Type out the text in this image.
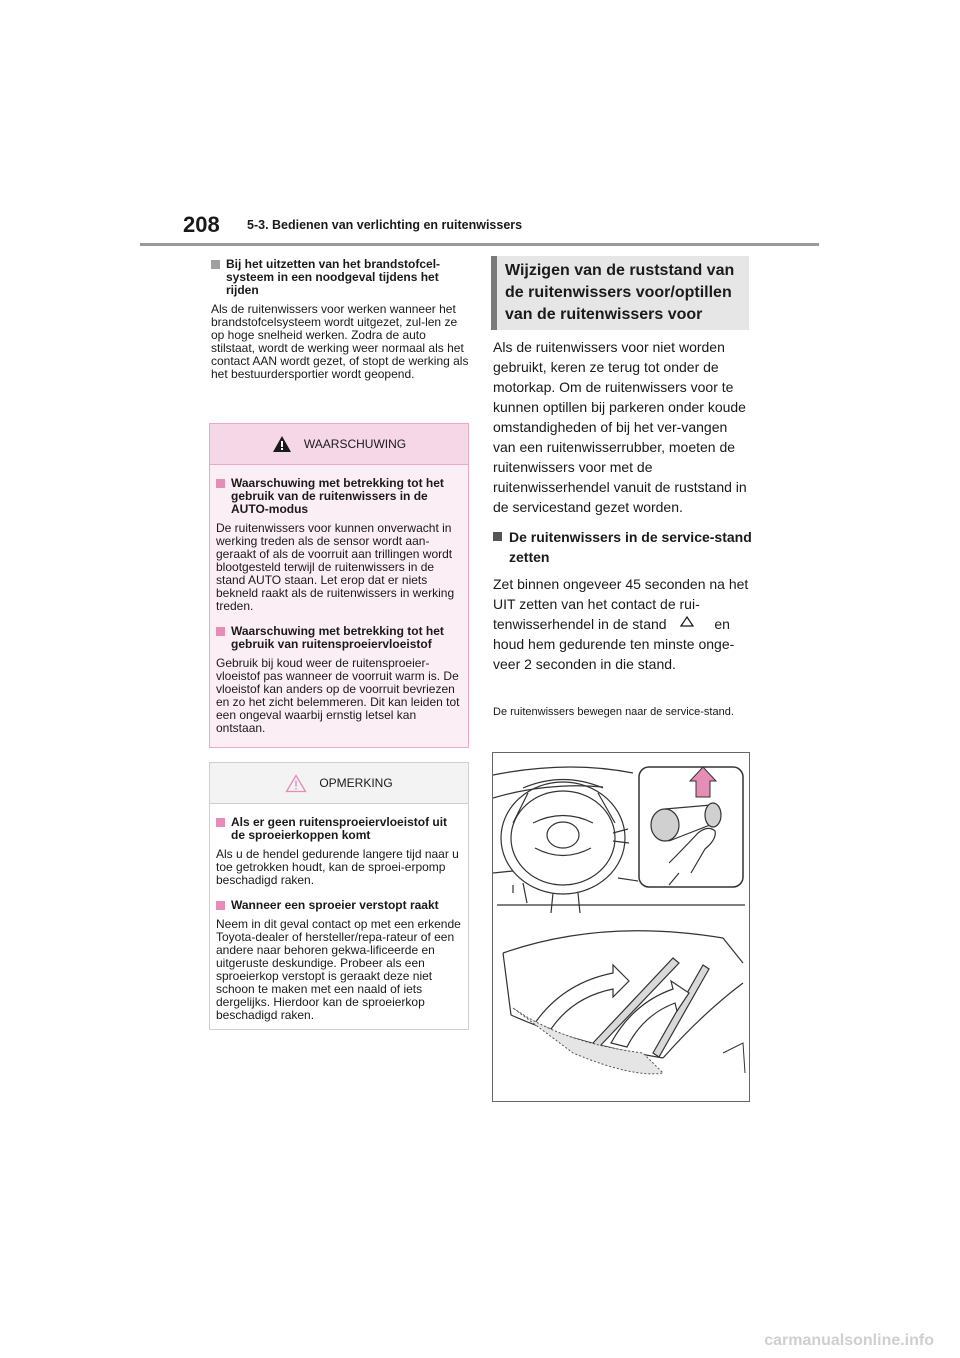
208 5-3. Bedienen van verlichting en ruitenwissers
Bij het uitzetten van het brandstofcel-systeem in een noodgeval tijdens het rijden
Als de ruitenwissers voor werken wanneer het brandstofcelsysteem wordt uitgezet, zul-len ze op hoge snelheid werken. Zodra de auto stilstaat, wordt de werking weer normaal als het contact AAN wordt gezet, of stopt de werking als het bestuurdersportier wordt geopend.
WAARSCHUWING
Waarschuwing met betrekking tot het gebruik van de ruitenwissers in de AUTO-modus
De ruitenwissers voor kunnen onverwacht in werking treden als de sensor wordt aan-geraakt of als de voorruit aan trillingen wordt blootgesteld terwijl de ruitenwissers in de stand AUTO staan. Let erop dat er niets bekneld raakt als de ruitenwissers in werking treden.
Waarschuwing met betrekking tot het gebruik van ruitensproeiervloeistof
Gebruik bij koud weer de ruitensproeier-vloeistof pas wanneer de voorruit warm is. De vloeistof kan anders op de voorruit bevriezen en zo het zicht belemmeren. Dit kan leiden tot een ongeval waarbij ernstig letsel kan ontstaan.
OPMERKING
Als er geen ruitensproeiervloeistof uit de sproeierkoppen komt
Als u de hendel gedurende langere tijd naar u toe getrokken houdt, kan de sproei-erpomp beschadigd raken.
Wanneer een sproeier verstopt raakt
Neem in dit geval contact op met een erkende Toyota-dealer of hersteller/repa-rateur of een andere naar behoren gekwa-lificeerde en uitgeruste deskundige. Probeer als een sproeierkop verstopt is geraakt deze niet schoon te maken met een naald of iets dergelijks. Hierdoor kan de sproeierkop beschadigd raken.
Wijzigen van de ruststand van de ruitenwissers voor/optillen van de ruitenwissers voor
Als de ruitenwissers voor niet worden gebruikt, keren ze terug tot onder de motorkap. Om de ruitenwissers voor te kunnen optillen bij parkeren onder koude omstandigheden of bij het ver-vangen van een ruitenwisserrubber, moeten de ruitenwissers voor met de ruitenwisserhendel vanuit de ruststand in de servicestand gezet worden.
De ruitenwissers in de service-stand zetten
Zet binnen ongeveer 45 seconden na het UIT zetten van het contact de rui-tenwisserhendel in de stand	en houd hem gedurende ten minste onge-veer 2 seconden in die stand.
De ruitenwissers bewegen naar de service-stand.
carmanualsonline.info
